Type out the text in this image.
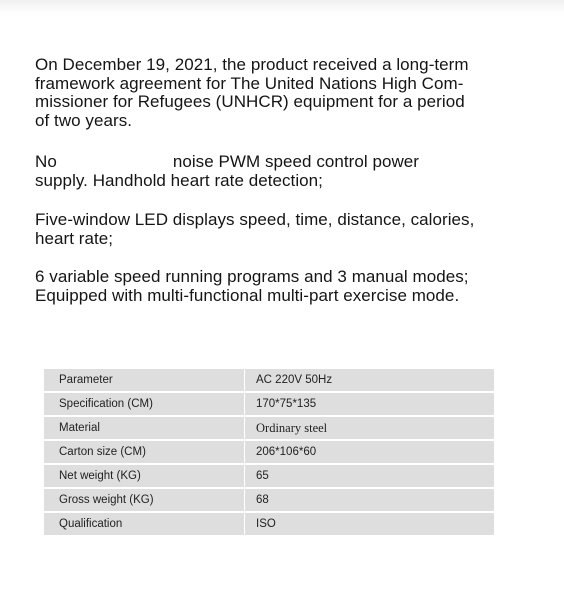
On December 19, 2021, the product received a long-term
framework agreement for The United Nations High Com-
missioner for Refugees (UNHCR) equipment for a period
of two years.

No	noise PWM speed control power
supply. Handhold heart rate detection;

Five-window LED displays speed, time, distance, calories,
heart rate;

6 variable speed running programs and 3 manual modes;
Equipped with multi-functional multi-part exercise mode.

Parameter	AC 220V 50Hz
Specification (CM)	170*75*135
Material	Ordinary steel
Carton size (CM)	206*106*60
Net weight (KG)	65
Gross weight (KG)	68
Qualification	ISO
